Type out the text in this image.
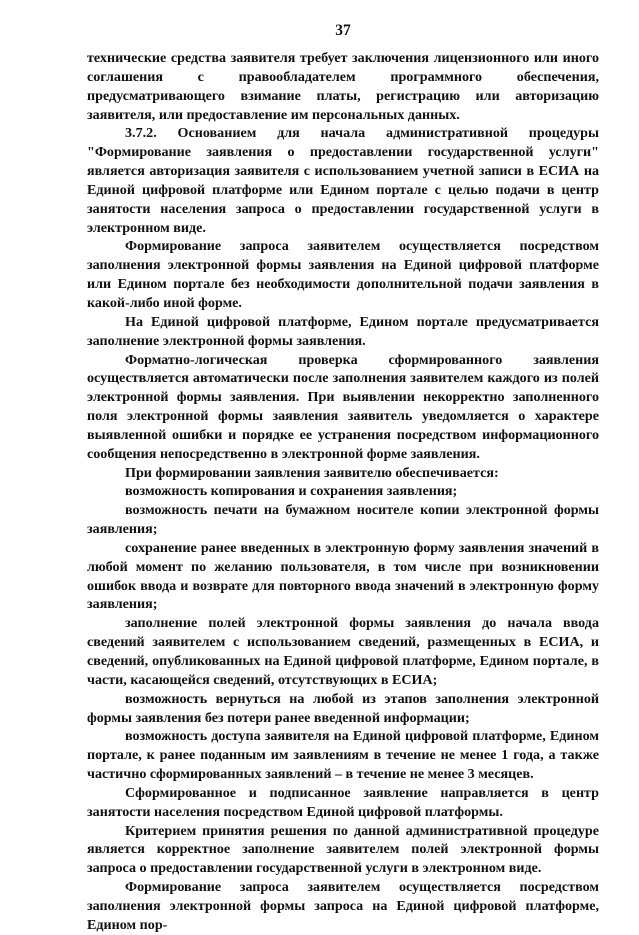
37

технические средства заявителя требует заключения лицензионного или иного соглашения с правообладателем программного обеспечения, предусматривающего взимание платы, регистрацию или авторизацию заявителя, или предоставление им персональных данных.

3.7.2. Основанием для начала административной процедуры "Формирование заявления о предоставлении государственной услуги" является авторизация заявителя с использованием учетной записи в ЕСИА на Единой цифровой платформе или Едином портале с целью подачи в центр занятости населения запроса о предоставлении государственной услуги в электронном виде.

Формирование запроса заявителем осуществляется посредством заполнения электронной формы заявления на Единой цифровой платформе или Едином портале без необходимости дополнительной подачи заявления в какой-либо иной форме.

На Единой цифровой платформе, Едином портале предусматривается заполнение электронной формы заявления.

Форматно-логическая проверка сформированного заявления осуществляется автоматически после заполнения заявителем каждого из полей электронной формы заявления. При выявлении некорректно заполненного поля электронной формы заявления заявитель уведомляется о характере выявленной ошибки и порядке ее устранения посредством информационного сообщения непосредственно в электронной форме заявления.

При формировании заявления заявителю обеспечивается:

возможность копирования и сохранения заявления;

возможность печати на бумажном носителе копии электронной формы заявления;

сохранение ранее введенных в электронную форму заявления значений в любой момент по желанию пользователя, в том числе при возникновении ошибок ввода и возврате для повторного ввода значений в электронную форму заявления;

заполнение полей электронной формы заявления до начала ввода сведений заявителем с использованием сведений, размещенных в ЕСИА, и сведений, опубликованных на Единой цифровой платформе, Едином портале, в части, касающейся сведений, отсутствующих в ЕСИА;

возможность вернуться на любой из этапов заполнения электронной формы заявления без потери ранее введенной информации;

возможность доступа заявителя на Единой цифровой платформе, Едином портале, к ранее поданным им заявлениям в течение не менее 1 года, а также частично сформированных заявлений – в течение не менее 3 месяцев.

Сформированное и подписанное заявление направляется в центр занятости населения посредством Единой цифровой платформы.

Критерием принятия решения по данной административной процедуре является корректное заполнение заявителем полей электронной формы запроса о предоставлении государственной услуги в электронном виде.

Формирование запроса заявителем осуществляется посредством заполнения электронной формы запроса на Единой цифровой платформе, Едином пор-
